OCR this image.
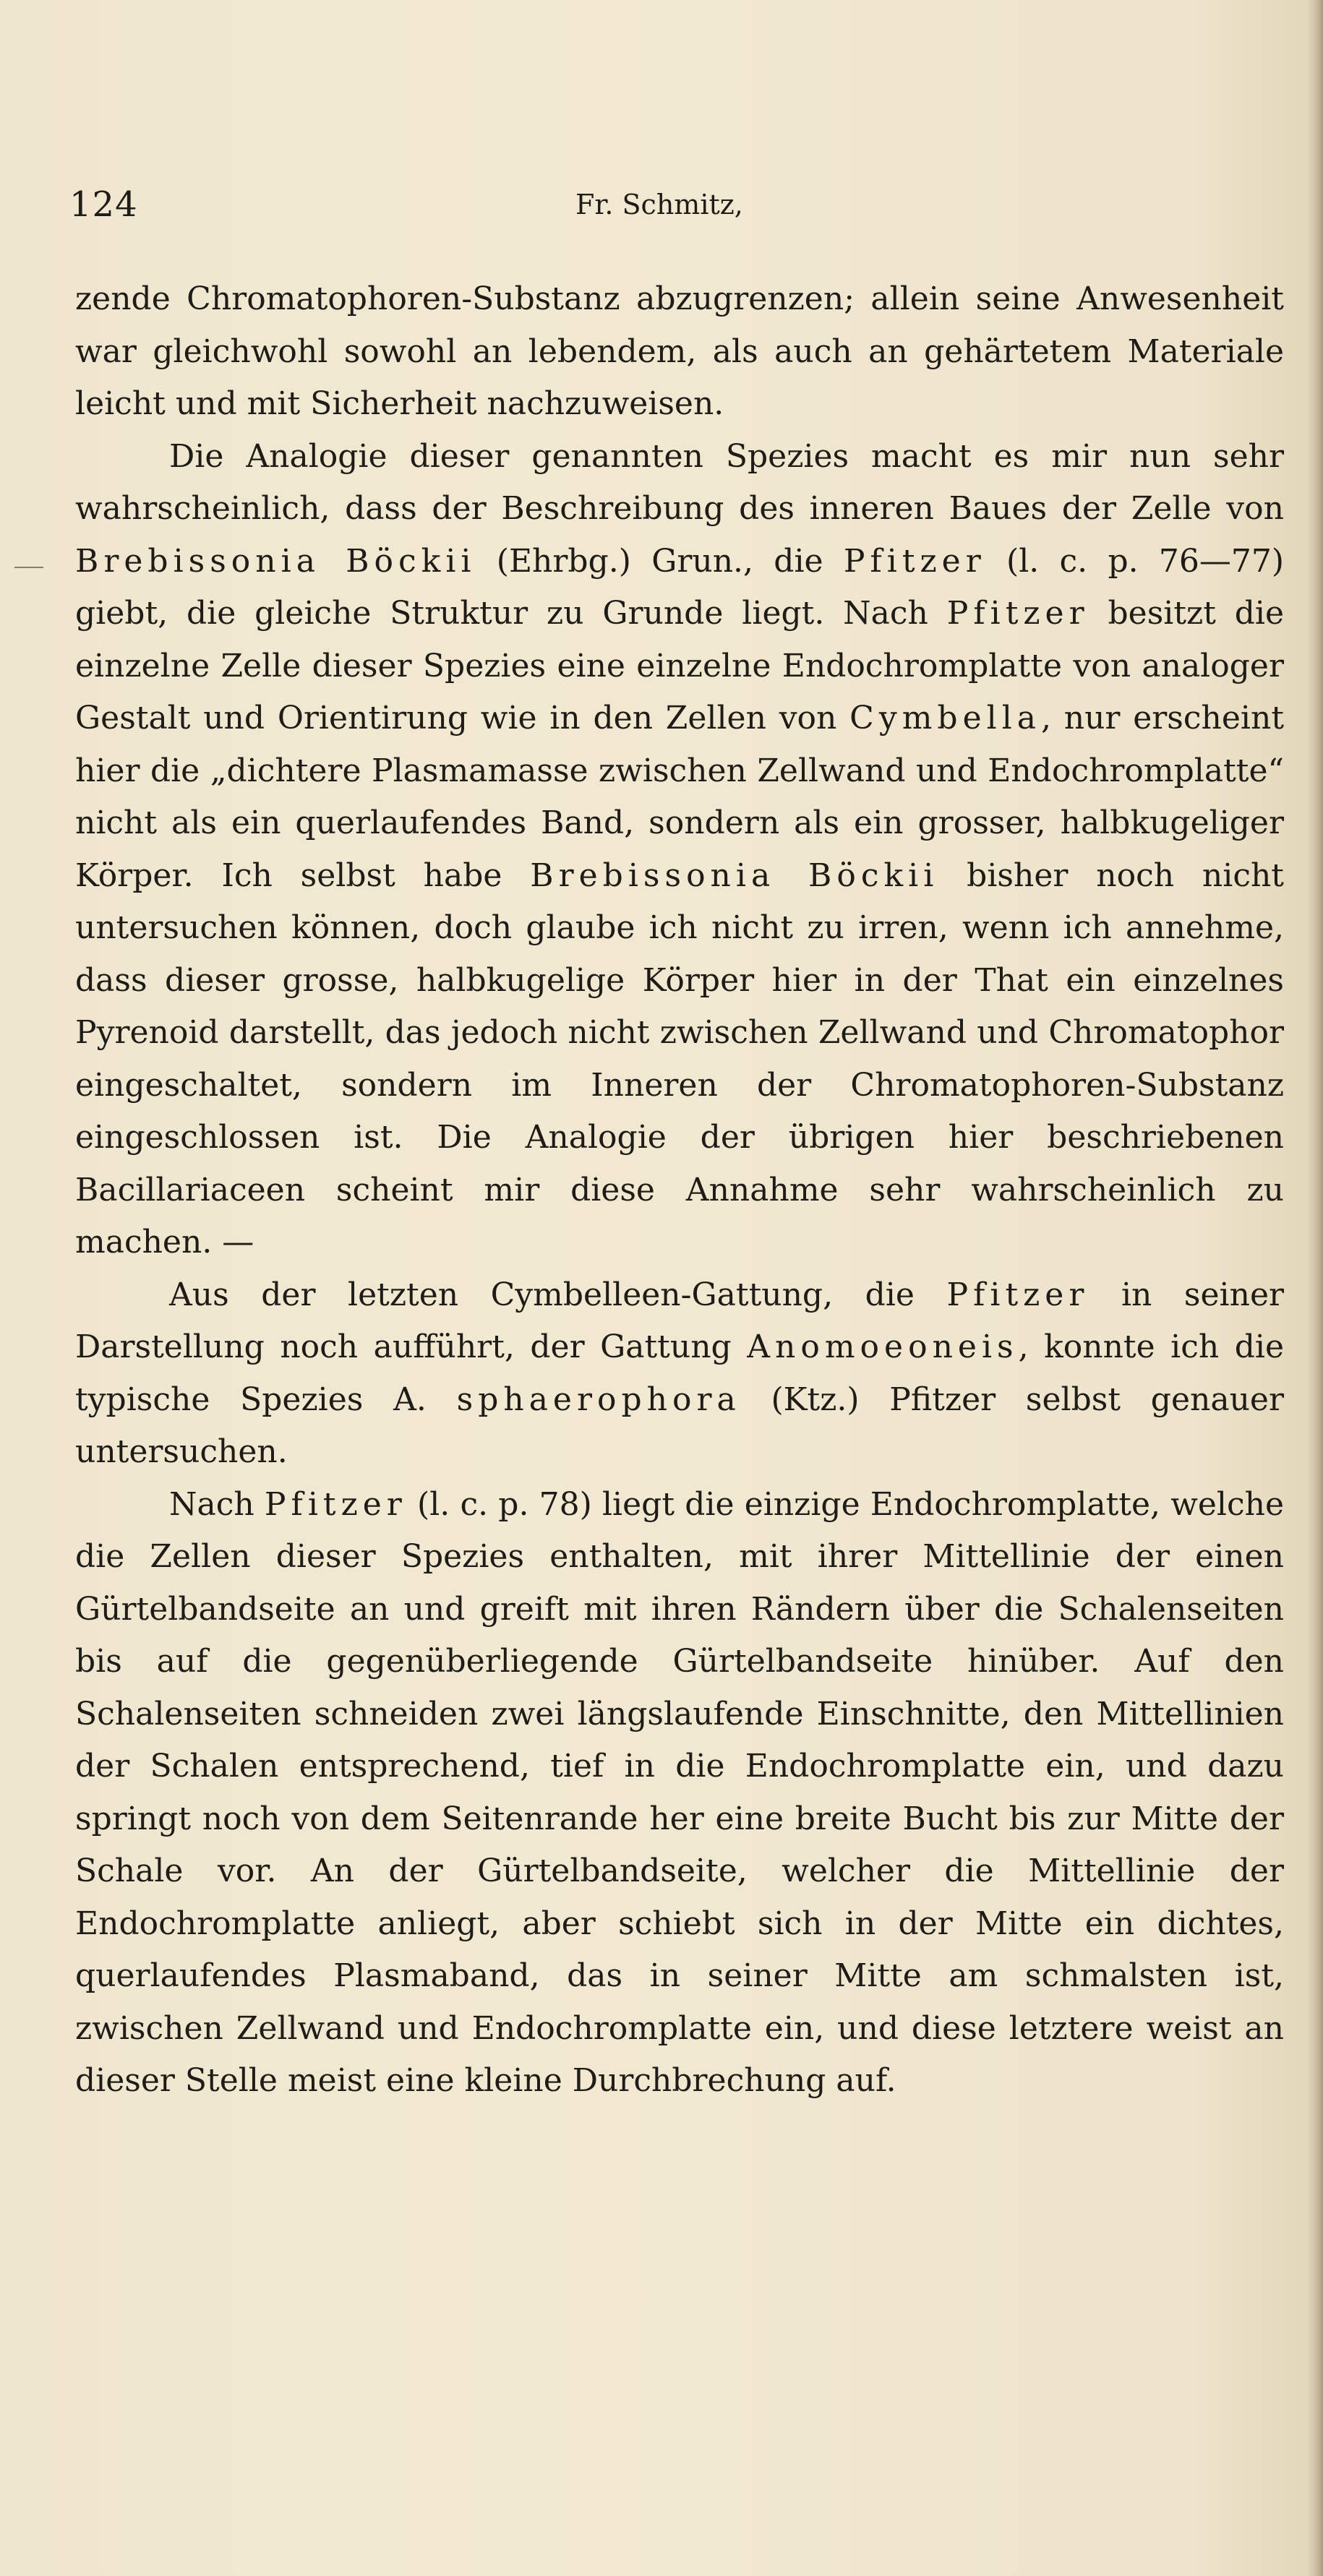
124	Fr. Schmitz,

zende Chromatophoren-Substanz abzugrenzen; allein seine Anwesenheit war gleichwohl sowohl an lebendem, als auch an gehärtetem Materiale leicht und mit Sicherheit nachzuweisen.

Die Analogie dieser genannten Spezies macht es mir nun sehr wahrscheinlich, dass der Beschreibung des inneren Baues der Zelle von Brebissonia Böckii (Ehrbg.) Grun., die Pfitzer (l. c. p. 76—77) giebt, die gleiche Struktur zu Grunde liegt. Nach Pfitzer besitzt die einzelne Zelle dieser Spezies eine einzelne Endochromplatte von analoger Gestalt und Orientirung wie in den Zellen von Cymbella, nur erscheint hier die „dichtere Plasmamasse zwischen Zellwand und Endochromplatte“ nicht als ein querlaufendes Band, sondern als ein grosser, halbkugeliger Körper. Ich selbst habe Brebissonia Böckii bisher noch nicht untersuchen können, doch glaube ich nicht zu irren, wenn ich annehme, dass dieser grosse, halbkugelige Körper hier in der That ein einzelnes Pyrenoid darstellt, das jedoch nicht zwischen Zellwand und Chromatophor eingeschaltet, sondern im Inneren der Chromatophoren-Substanz eingeschlossen ist. Die Analogie der übrigen hier beschriebenen Bacillariaceen scheint mir diese Annahme sehr wahrscheinlich zu machen. —

Aus der letzten Cymbelleen-Gattung, die Pfitzer in seiner Darstellung noch aufführt, der Gattung Anomoeoneis, konnte ich die typische Spezies A. sphaerophora (Ktz.) Pfitzer selbst genauer untersuchen.

Nach Pfitzer (l. c. p. 78) liegt die einzige Endochromplatte, welche die Zellen dieser Spezies enthalten, mit ihrer Mittellinie der einen Gürtelbandseite an und greift mit ihren Rändern über die Schalenseiten bis auf die gegenüberliegende Gürtelbandseite hinüber. Auf den Schalenseiten schneiden zwei längslaufende Einschnitte, den Mittellinien der Schalen entsprechend, tief in die Endochromplatte ein, und dazu springt noch von dem Seitenrande her eine breite Bucht bis zur Mitte der Schale vor. An der Gürtelbandseite, welcher die Mittellinie der Endochromplatte anliegt, aber schiebt sich in der Mitte ein dichtes, querlaufendes Plasmaband, das in seiner Mitte am schmalsten ist, zwischen Zellwand und Endochromplatte ein, und diese letztere weist an dieser Stelle meist eine kleine Durchbrechung auf.
